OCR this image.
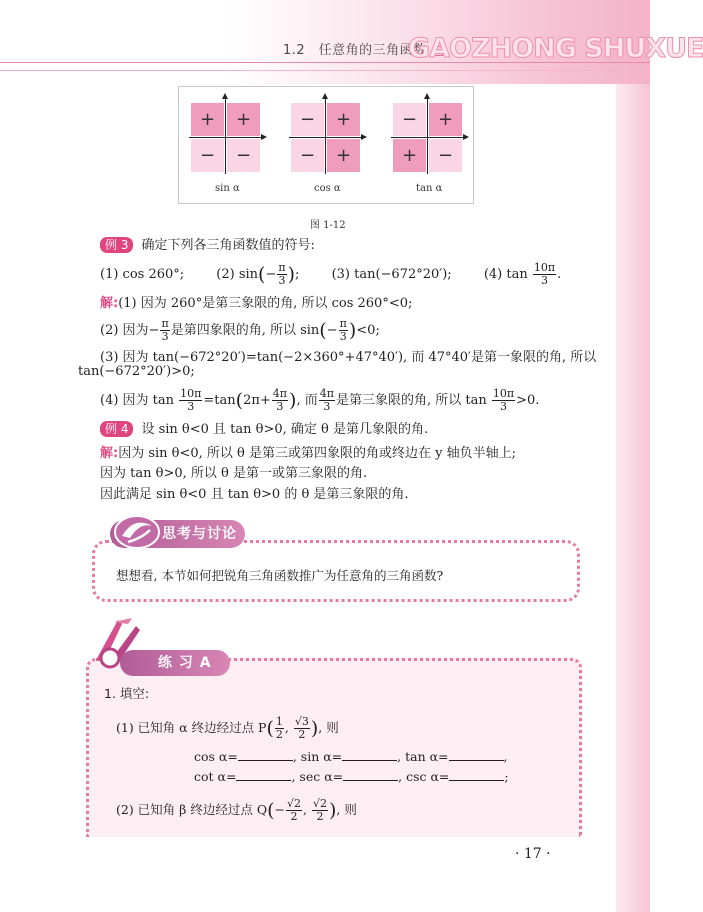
1.2　任意角的三角函数
GAOZHONG SHUXUE
+	+
−	−
sin α
−	+
−	+
cos α
−	+
+	−
tan α
图 1-12
例 3 确定下列各三角函数值的符号:
(1) cos 260°; (2) $\sin(- \frac{\pi}{3}$ ); (3) tan(−672°20′); (4) $\tan \frac{10\pi}{3}$ .
解:(1) 因为 260°是第三象限的角, 所以 cos 260°<0;
(2) 因为− $\frac{\pi}{3}$ 是第四象限的角, 所以 $\sin(- \frac{\pi}{3} )<0$;
(3) 因为 tan(−672°20′)=tan(−2×360°+47°40′), 而 47°40′是第一象限的角, 所以
tan(−672°20′)>0;
(4) 因为 $\tan \frac{10\pi}{3} =\tan(2\pi+ \frac{4\pi}{3}$ ), 而 $\frac{4\pi}{3}$ 是第三象限的角, 所以 $\tan \frac{10\pi}{3} >0$.
例 4 设 sin θ<0 且 tan θ>0, 确定 θ 是第几象限的角.
解:因为 sin θ<0, 所以 θ 是第三或第四象限的角或终边在 y 轴负半轴上;
因为 tan θ>0, 所以 θ 是第一或第三象限的角.
因此满足 sin θ<0 且 tan θ>0 的 θ 是第三象限的角.
思考与讨论
想想看, 本节如何把锐角三角函数推广为任意角的三角函数?
练 习 A
1. 填空:
(1) 已知角 α 终边经过点 $P( \frac{1}{2}$ , $\frac{√3}{2}$ ), 则
cos α=	, sin α=	, tan α=	,
cot α=	, sec α=	, csc α=	;
(2) 已知角 β 终边经过点 $Q(- \frac{√2}{2}$ , $\frac{√2}{2}$ ), 则
· 17 ·
